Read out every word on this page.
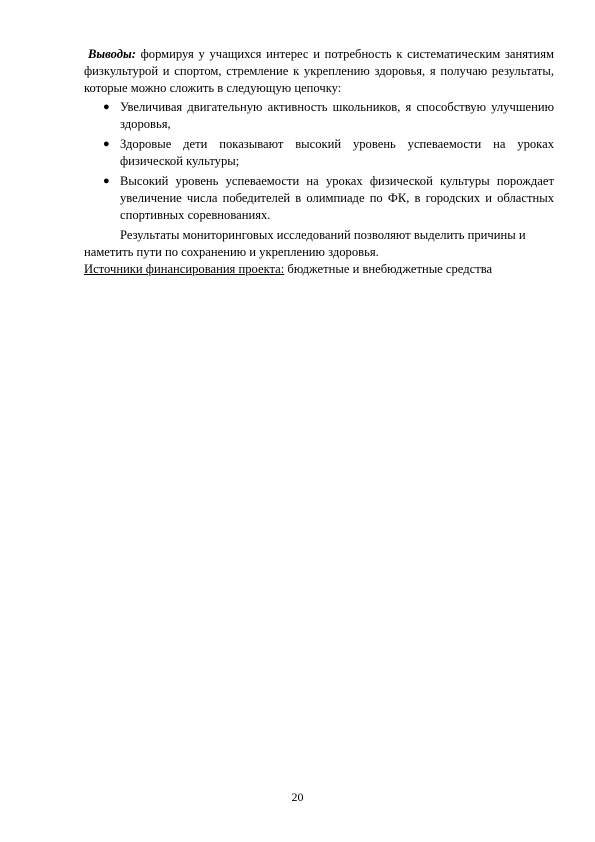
Выводы: формируя у учащихся интерес и потребность к систематическим занятиям физкультурой и спортом, стремление к укреплению здоровья, я получаю результаты, которые можно сложить в следующую цепочку:

● Увеличивая двигательную активность школьников, я способствую улучшению здоровья,
● Здоровые дети показывают высокий уровень успеваемости на уроках физической культуры;
● Высокий уровень успеваемости на уроках физической культуры порождает увеличение числа победителей в олимпиаде по ФК, в городских и областных спортивных соревнованиях.

Результаты мониторинговых исследований позволяют выделить причины и наметить пути по сохранению и укреплению здоровья.

Источники финансирования проекта: бюджетные и внебюджетные средства

20
